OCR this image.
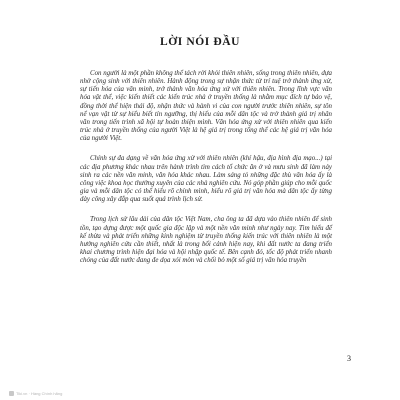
LỜI NÓI ĐẦU

Con người là một phần không thể tách rời khỏi thiên nhiên, sống trong thiên nhiên, dựa nhờ cộng sinh với thiên nhiên. Hành động trong sự nhận thức từ trí tuệ trở thành ứng xử, sự tiến hóa của văn minh, trở thành văn hóa ứng xử với thiên nhiên. Trong lĩnh vực văn hóa vật thể, việc kiến thiết các kiến trúc nhà ở truyền thống là nhằm mục đích tự bảo vệ, đồng thời thể hiện thái độ, nhận thức và hành vi của con người trước thiên nhiên, sự tôn nể vạn vật từ sự hiểu biết tín ngưỡng, thị hiếu của mỗi dân tộc và trở thành giá trị nhân văn trong tiến trình xã hội tự hoàn thiện mình. Văn hóa ứng xử với thiên nhiên qua kiến trúc nhà ở truyền thống của người Việt là hệ giá trị trong tổng thể các hệ giá trị văn hóa của người Việt.

Chính sự đa dạng về văn hóa ứng xử với thiên nhiên (khí hậu, địa hình địa mạo...) tại các địa phương khác nhau trên hành trình tìm cách tổ chức ăn ở và mưu sinh đã làm nảy sinh ra các nền văn minh, văn hóa khác nhau. Làm sáng tỏ những đặc thù văn hóa ấy là công việc khoa học thường xuyên của các nhà nghiên cứu. Nó góp phần giúp cho mỗi quốc gia và mỗi dân tộc có thể hiểu rõ chính mình, hiểu rõ giá trị văn hóa mà dân tộc ấy từng dày công xây đắp qua suốt quá trình lịch sử.

Trong lịch sử lâu dài của dân tộc Việt Nam, cha ông ta đã dựa vào thiên nhiên để sinh tồn, tạo dựng được một quốc gia độc lập và một nền văn minh như ngày nay. Tìm hiểu để kế thừa và phát triển những kinh nghiệm từ truyền thống kiến trúc với thiên nhiên là một hướng nghiên cứu cần thiết, nhất là trong bối cảnh hiện nay, khi đất nước ta đang triển khai chương trình hiện đại hóa và hội nhập quốc tế. Bên cạnh đó, tốc độ phát triển nhanh chóng của đất nước đang đe dọa xói mòn và chối bỏ một số giá trị văn hóa truyền

3
Tiki.vn · Hàng Chính hãng
